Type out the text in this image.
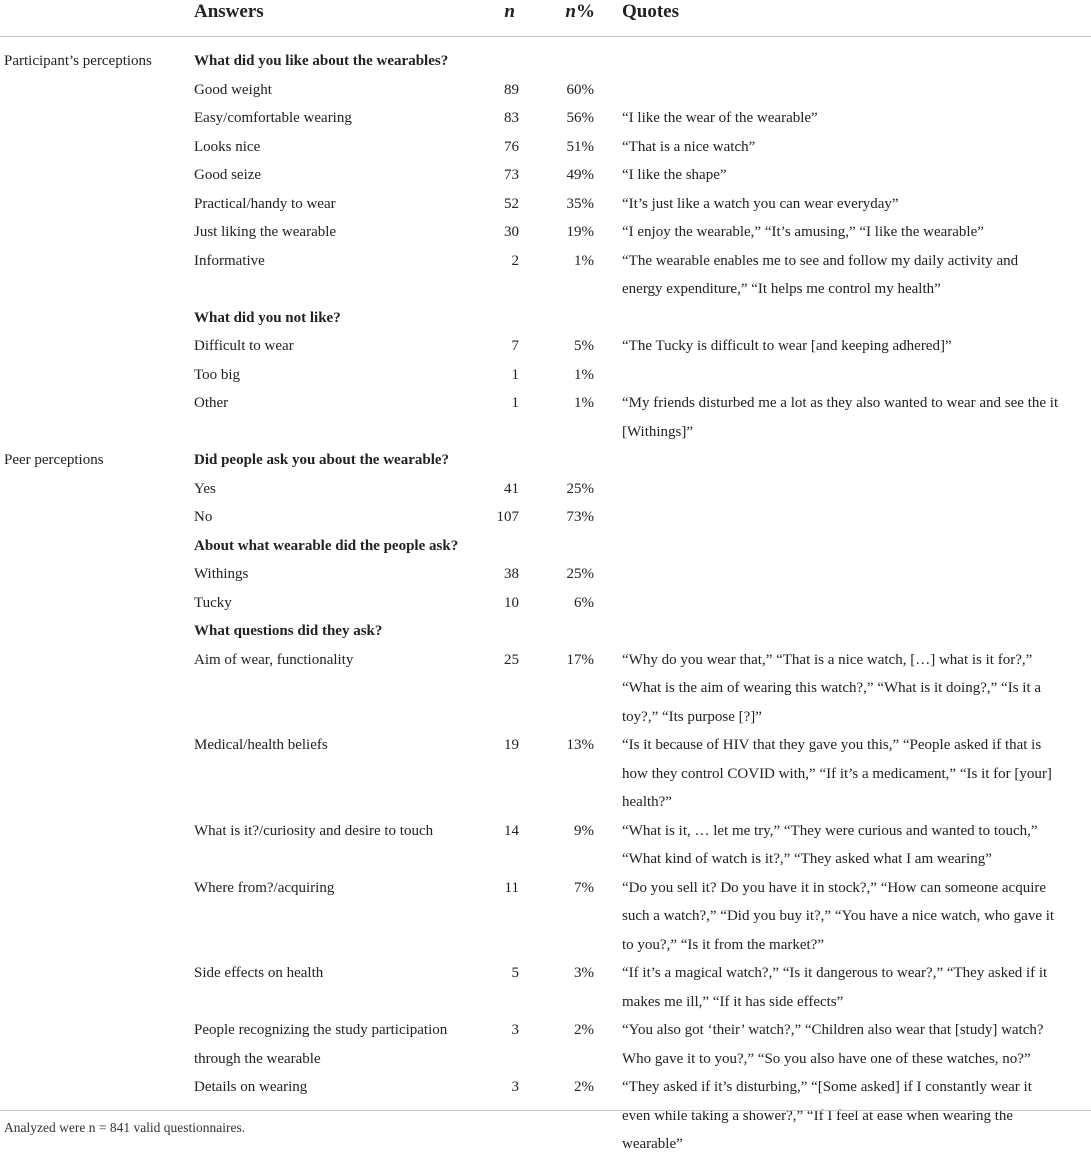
	Answers	n	n%	Quotes
Participant’s perceptions	What did you like about the wearables?			
	Good weight	89	60%	
	Easy/comfortable wearing	83	56%	“I like the wear of the wearable”
	Looks nice	76	51%	“That is a nice watch”
	Good seize	73	49%	“I like the shape”
	Practical/handy to wear	52	35%	“It’s just like a watch you can wear everyday”
	Just liking the wearable	30	19%	“I enjoy the wearable,” “It’s amusing,” “I like the wearable”
	Informative	2	1%	“The wearable enables me to see and follow my daily activity and energy expenditure,” “It helps me control my health”
	What did you not like?			
	Difficult to wear	7	5%	“The Tucky is difficult to wear [and keeping adhered]”
	Too big	1	1%	
	Other	1	1%	“My friends disturbed me a lot as they also wanted to wear and see the it [Withings]”
Peer perceptions	Did people ask you about the wearable?			
	Yes	41	25%	
	No	107	73%	
	About what wearable did the people ask?			
	Withings	38	25%	
	Tucky	10	6%	
	What questions did they ask?			
	Aim of wear, functionality	25	17%	“Why do you wear that,” “That is a nice watch, […] what is it for?,” “What is the aim of wearing this watch?,” “What is it doing?,” “Is it a toy?,” “Its purpose [?]”
	Medical/health beliefs	19	13%	“Is it because of HIV that they gave you this,” “People asked if that is how they control COVID with,” “If it’s a medicament,” “Is it for [your] health?”
	What is it?/curiosity and desire to touch	14	9%	“What is it, … let me try,” “They were curious and wanted to touch,” “What kind of watch is it?,” “They asked what I am wearing”
	Where from?/acquiring	11	7%	“Do you sell it? Do you have it in stock?,” “How can someone acquire such a watch?,” “Did you buy it?,” “You have a nice watch, who gave it to you?,” “Is it from the market?”
	Side effects on health	5	3%	“If it’s a magical watch?,” “Is it dangerous to wear?,” “They asked if it makes me ill,” “If it has side effects”
	People recognizing the study participation through the wearable	3	2%	“You also got ‘their’ watch?,” “Children also wear that [study] watch? Who gave it to you?,” “So you also have one of these watches, no?”
	Details on wearing	3	2%	“They asked if it’s disturbing,” “[Some asked] if I constantly wear it even while taking a shower?,” “If I feel at ease when wearing the wearable”
Analyzed were n = 841 valid questionnaires.
